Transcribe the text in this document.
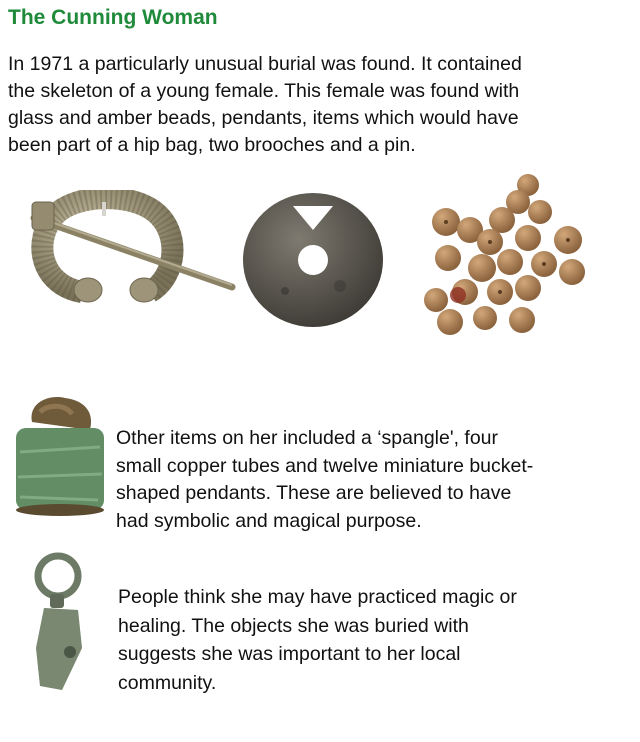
The Cunning Woman
In 1971 a particularly unusual burial was found. It contained
the skeleton of a young female. This female was found with
glass and amber beads, pendants, items which would have
been part of a hip bag, two brooches and a pin.
Other items on her included a ‘spangle', four
small copper tubes and twelve miniature bucket-
shaped pendants. These are believed to have
had symbolic and magical purpose.
People think she may have practiced magic or
healing. The objects she was buried with
suggests she was important to her local
community.
